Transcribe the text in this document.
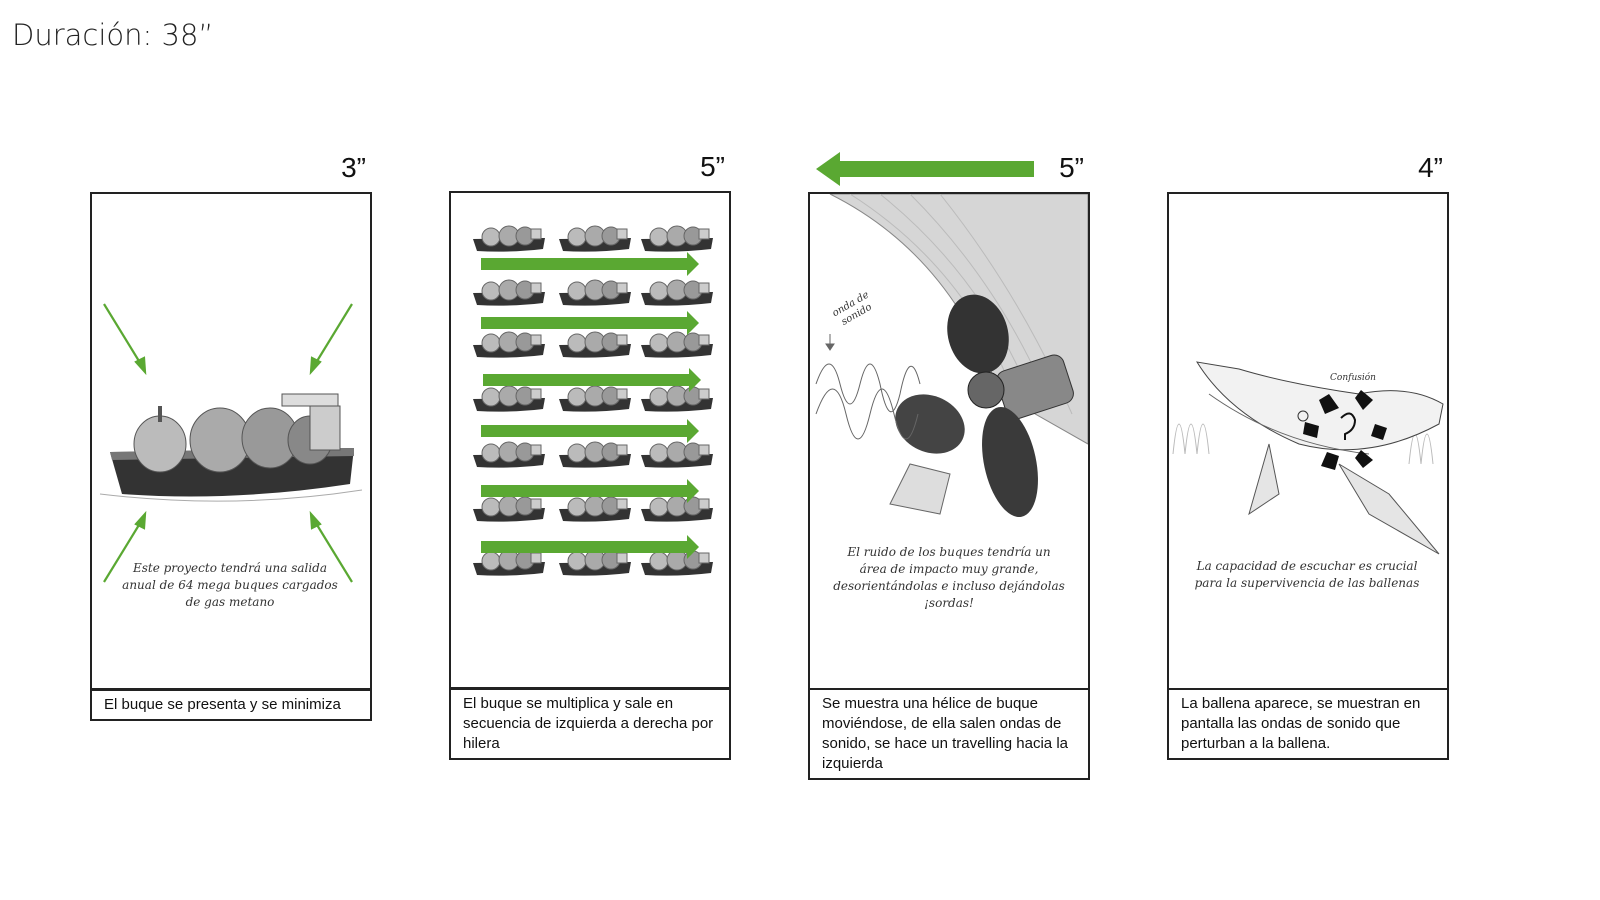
Duración: 38”
3”
Este proyecto tendrá una salida anual de 64 mega buques cargados de gas metano
El buque se presenta y se minimiza
5”
El buque se multiplica y sale en secuencia de izquierda a derecha por hilera
5”
onda de sonido
El ruido de los buques tendría un área de impacto muy grande, desorientándolas e incluso dejándolas ¡sordas!
Se muestra una hélice de buque moviéndose, de ella salen ondas de sonido, se hace un travelling hacia la izquierda
4”
Confusión
La capacidad de escuchar es crucial para la supervivencia de las ballenas
La ballena aparece, se muestran en pantalla las ondas de sonido que perturban a la ballena.
